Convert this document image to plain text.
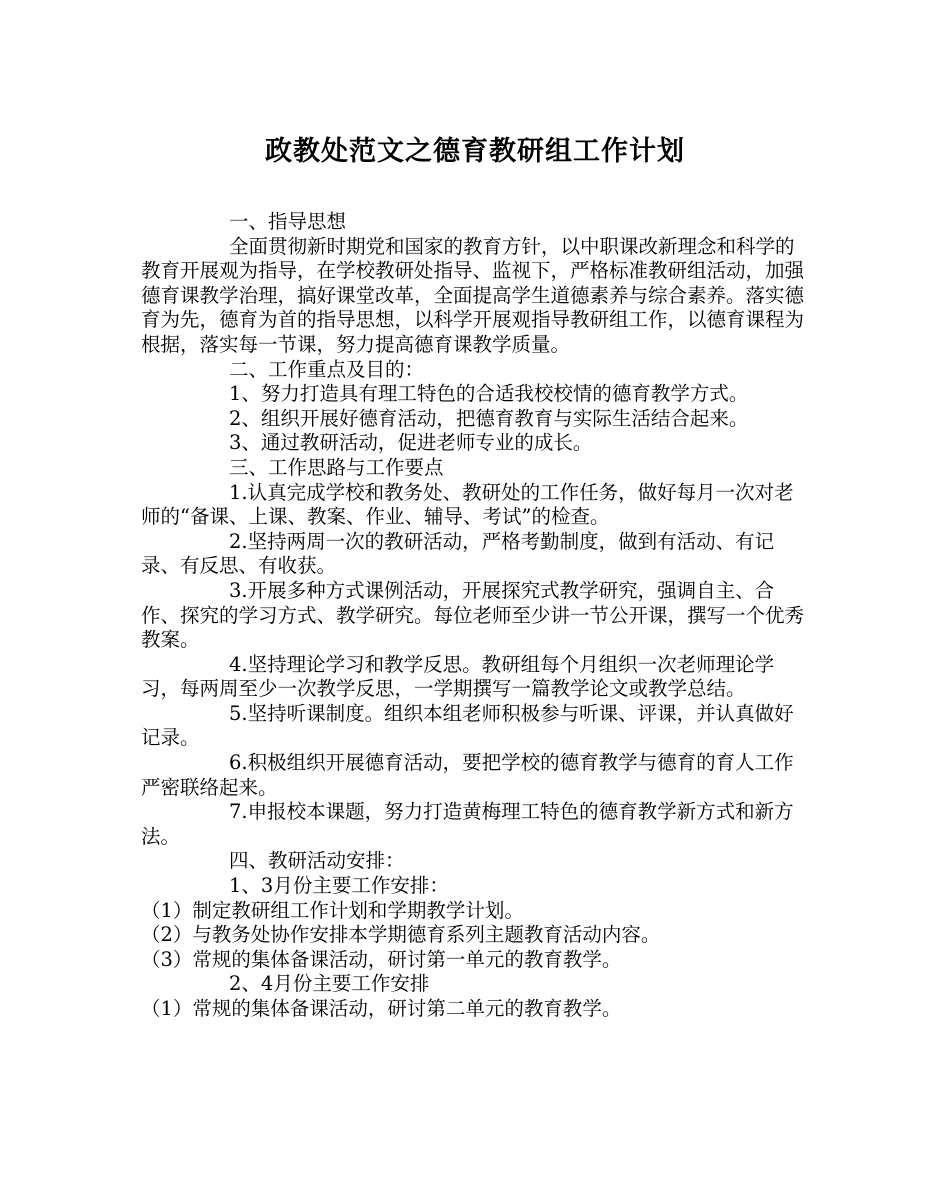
政教处范文之德育教研组工作计划

一、指导思想

全面贯彻新时期党和国家的教育方针，以中职课改新理念和科学的教育开展观为指导，在学校教研处指导、监视下，严格标准教研组活动，加强德育课教学治理，搞好课堂改革，全面提高学生道德素养与综合素养。落实德育为先，德育为首的指导思想，以科学开展观指导教研组工作，以德育课程为根据，落实每一节课，努力提高德育课教学质量。

二、工作重点及目的：

1、努力打造具有理工特色的合适我校校情的德育教学方式。

2、组织开展好德育活动，把德育教育与实际生活结合起来。

3、通过教研活动，促进老师专业的成长。

三、工作思路与工作要点

1.认真完成学校和教务处、教研处的工作任务，做好每月一次对老师的“备课、上课、教案、作业、辅导、考试”的检查。

2.坚持两周一次的教研活动，严格考勤制度，做到有活动、有记录、有反思、有收获。

3.开展多种方式课例活动，开展探究式教学研究，强调自主、合作、探究的学习方式、教学研究。每位老师至少讲一节公开课，撰写一个优秀教案。

4.坚持理论学习和教学反思。教研组每个月组织一次老师理论学习，每两周至少一次教学反思，一学期撰写一篇教学论文或教学总结。

5.坚持听课制度。组织本组老师积极参与听课、评课，并认真做好记录。

6.积极组织开展德育活动，要把学校的德育教学与德育的育人工作严密联络起来。

7.申报校本课题，努力打造黄梅理工特色的德育教学新方式和新方法。

四、教研活动安排：

1、3月份主要工作安排：

（1）制定教研组工作计划和学期教学计划。

（2）与教务处协作安排本学期德育系列主题教育活动内容。

（3）常规的集体备课活动，研讨第一单元的教育教学。

2、4月份主要工作安排

（1）常规的集体备课活动，研讨第二单元的教育教学。
